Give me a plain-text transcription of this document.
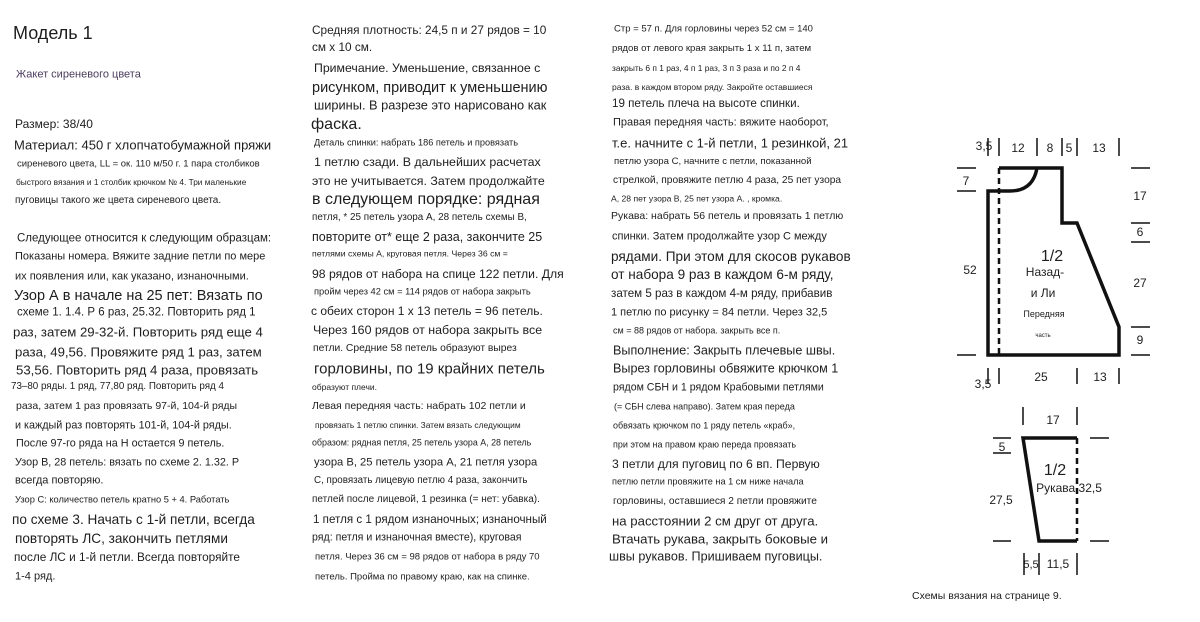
Модель 1
Жакет сиреневого цвета
Размер: 38/40
Материал: 450 г хлопчатобумажной пряжи
сиреневого цвета, LL = ок. 110 м/50 г. 1 пара столбиков
быстрого вязания и 1 столбик крючком № 4. Три маленькие
пуговицы такого же цвета сиреневого цвета.
Следующее относится к следующим образцам:
Показаны номера. Вяжите задние петли по мере
их появления или, как указано, изнаночными.
Узор А в начале на 25 пет: Вязать по
схеме 1. 1.4. Р 6 раз, 25.32. Повторить ряд 1
раз, затем 29-32-й. Повторить ряд еще 4
раза, 49,56. Провяжите ряд 1 раз, затем
53,56. Повторить ряд 4 раза, провязать
73–80 ряды. 1 ряд, 77,80 ряд. Повторить ряд 4
раза, затем 1 раз провязать 97-й, 104-й ряды
и каждый раз повторять 101-й, 104-й ряды.
После 97-го ряда на Н остается 9 петель.
Узор В, 28 петель: вязать по схеме 2. 1.32. Р
всегда повторяю.
Узор С: количество петель кратно 5 + 4. Работать
по схеме 3. Начать с 1-й петли, всегда
повторять ЛС, закончить петлями
после ЛС и 1-й петли. Всегда повторяйте
1-4 ряд.
Средняя плотность: 24,5 п и 27 рядов = 10
см x 10 см.
Примечание. Уменьшение, связанное с
рисунком, приводит к уменьшению
ширины. В разрезе это нарисовано как
фаска.
Деталь спинки: набрать 186 петель и провязать
1 петлю сзади. В дальнейших расчетах
это не учитывается. Затем продолжайте
в следующем порядке: рядная
петля, * 25 петель узора А, 28 петель схемы В,
повторите от* еще 2 раза, закончите 25
петлями схемы А, круговая петля. Через 36 см =
98 рядов от набора на спице 122 петли. Для
пройм через 42 см = 114 рядов от набора закрыть
с обеих сторон 1 х 13 петель = 96 петель.
Через 160 рядов от набора закрыть все
петли. Средние 58 петель образуют вырез
горловины, по 19 крайних петель
образуют плечи.
Левая передняя часть: набрать 102 петли и
провязать 1 петлю спинки. Затем вязать следующим
образом: рядная петля, 25 петель узора А, 28 петель
узора В, 25 петель узора А, 21 петля узора
С, провязать лицевую петлю 4 раза, закончить
петлей после лицевой, 1 резинка (= нет: убавка).
1 петля с 1 рядом изнаночных; изнаночный
ряд: петля и изнаночная вместе), круговая
петля. Через 36 см = 98 рядов от набора в ряду 70
петель. Пройма по правому краю, как на спинке.
Стр = 57 п. Для горловины через 52 см = 140
рядов от левого края закрыть 1 х 11 п, затем
закрыть 6 п 1 раз, 4 п 1 раз, 3 п 3 раза и по 2 п 4
раза. в каждом втором ряду. Закройте оставшиеся
19 петель плеча на высоте спинки.
Правая передняя часть: вяжите наоборот,
т.е. начните с 1-й петли, 1 резинкой, 21
петлю узора С, начните с петли, показанной
стрелкой, провяжите петлю 4 раза, 25 пет узора
А, 28 пет узора В, 25 пет узора А. , кромка.
Рукава: набрать 56 петель и провязать 1 петлю
спинки. Затем продолжайте узор С между
рядами. При этом для скосов рукавов
от набора 9 раз в каждом 6-м ряду,
затем 5 раз в каждом 4-м ряду, прибавив
1 петлю по рисунку = 84 петли. Через 32,5
см = 88 рядов от набора. закрыть все п.
Выполнение: Закрыть плечевые швы.
Вырез горловины обвяжите крючком 1
рядом СБН и 1 рядом Крабовыми петлями
(= СБН слева направо). Затем края переда
обвязать крючком по 1 ряду петель «краб»,
при этом на правом краю переда провязать
3 петли для пуговиц по 6 вп. Первую
петлю петли провяжите на 1 см ниже начала
горловины, оставшиеся 2 петли провяжите
на расстоянии 2 см друг от друга.
Втачать рукава, закрыть боковые и
швы рукавов. Пришиваем пуговицы.
3,5 12 8 5 13
7
52
17
6
27
9
3,5	25	13
1/2
Назад-
и Ли
Передняя
часть
17
5
27,5
5,5 11,5
1/2
Рукава 32,5
Схемы вязания на странице 9.
